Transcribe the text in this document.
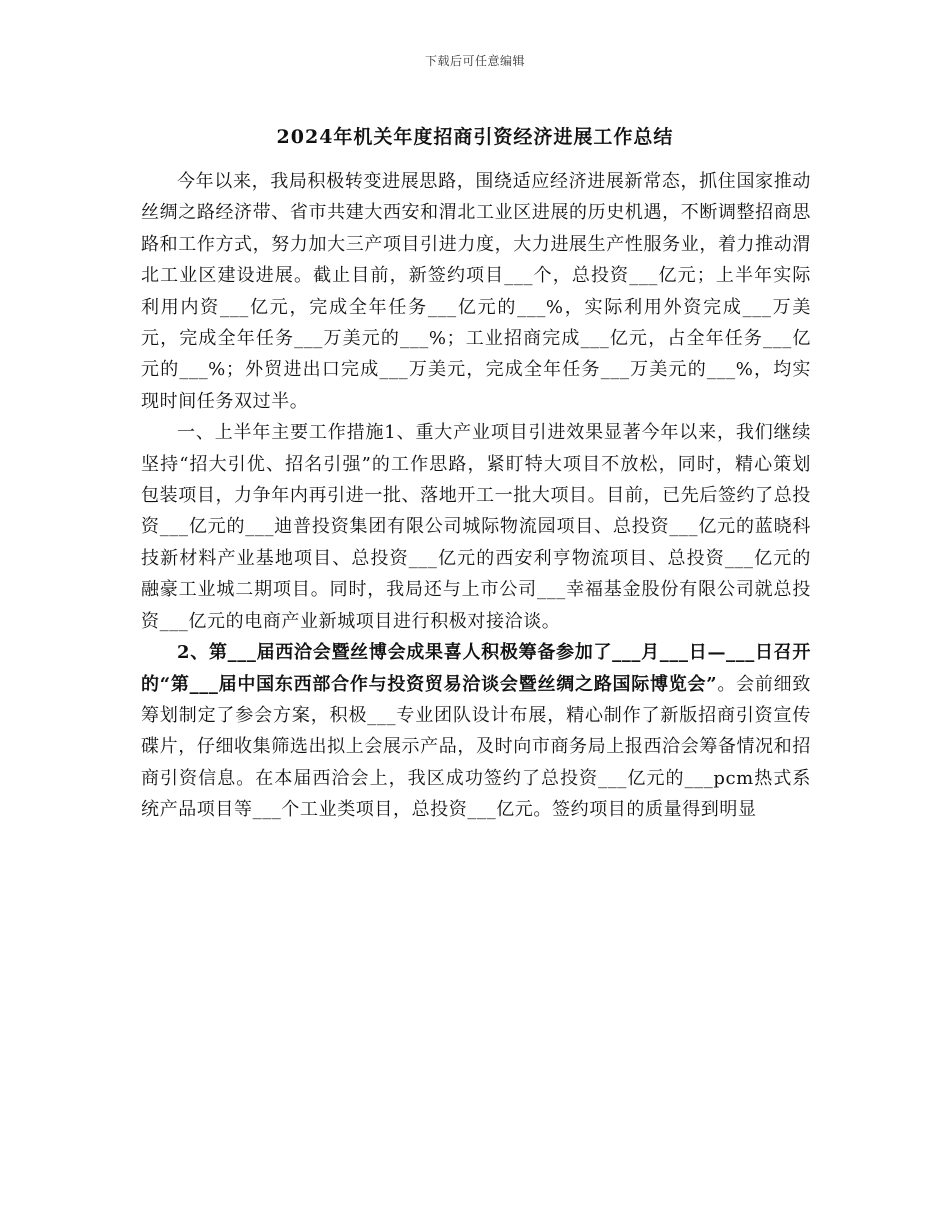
下载后可任意编辑
2024年机关年度招商引资经济进展工作总结

今年以来，我局积极转变进展思路，围绕适应经济进展新常态，抓住国家推动丝绸之路经济带、省市共建大西安和渭北工业区进展的历史机遇，不断调整招商思路和工作方式，努力加大三产项目引进力度，大力进展生产性服务业，着力推动渭北工业区建设进展。截止目前，新签约项目___个，总投资___亿元；上半年实际利用内资___亿元，完成全年任务___亿元的___%，实际利用外资完成___万美元，完成全年任务___万美元的___%；工业招商完成___亿元，占全年任务___亿元的___%；外贸进出口完成___万美元，完成全年任务___万美元的___%，均实现时间任务双过半。

一、上半年主要工作措施1、重大产业项目引进效果显著今年以来，我们继续坚持“招大引优、招名引强”的工作思路，紧盯特大项目不放松，同时，精心策划包装项目，力争年内再引进一批、落地开工一批大项目。目前，已先后签约了总投资___亿元的___迪普投资集团有限公司城际物流园项目、总投资___亿元的蓝晓科技新材料产业基地项目、总投资___亿元的西安利亨物流项目、总投资___亿元的融豪工业城二期项目。同时，我局还与上市公司___幸福基金股份有限公司就总投资___亿元的电商产业新城项目进行积极对接洽谈。

2、第___届西洽会暨丝博会成果喜人积极筹备参加了___月___日—___日召开的“第___届中国东西部合作与投资贸易洽谈会暨丝绸之路国际博览会”。会前细致筹划制定了参会方案，积极___专业团队设计布展，精心制作了新版招商引资宣传碟片，仔细收集筛选出拟上会展示产品，及时向市商务局上报西洽会筹备情况和招商引资信息。在本届西洽会上，我区成功签约了总投资___亿元的___pcm热式系统产品项目等___个工业类项目，总投资___亿元。签约项目的质量得到明显
